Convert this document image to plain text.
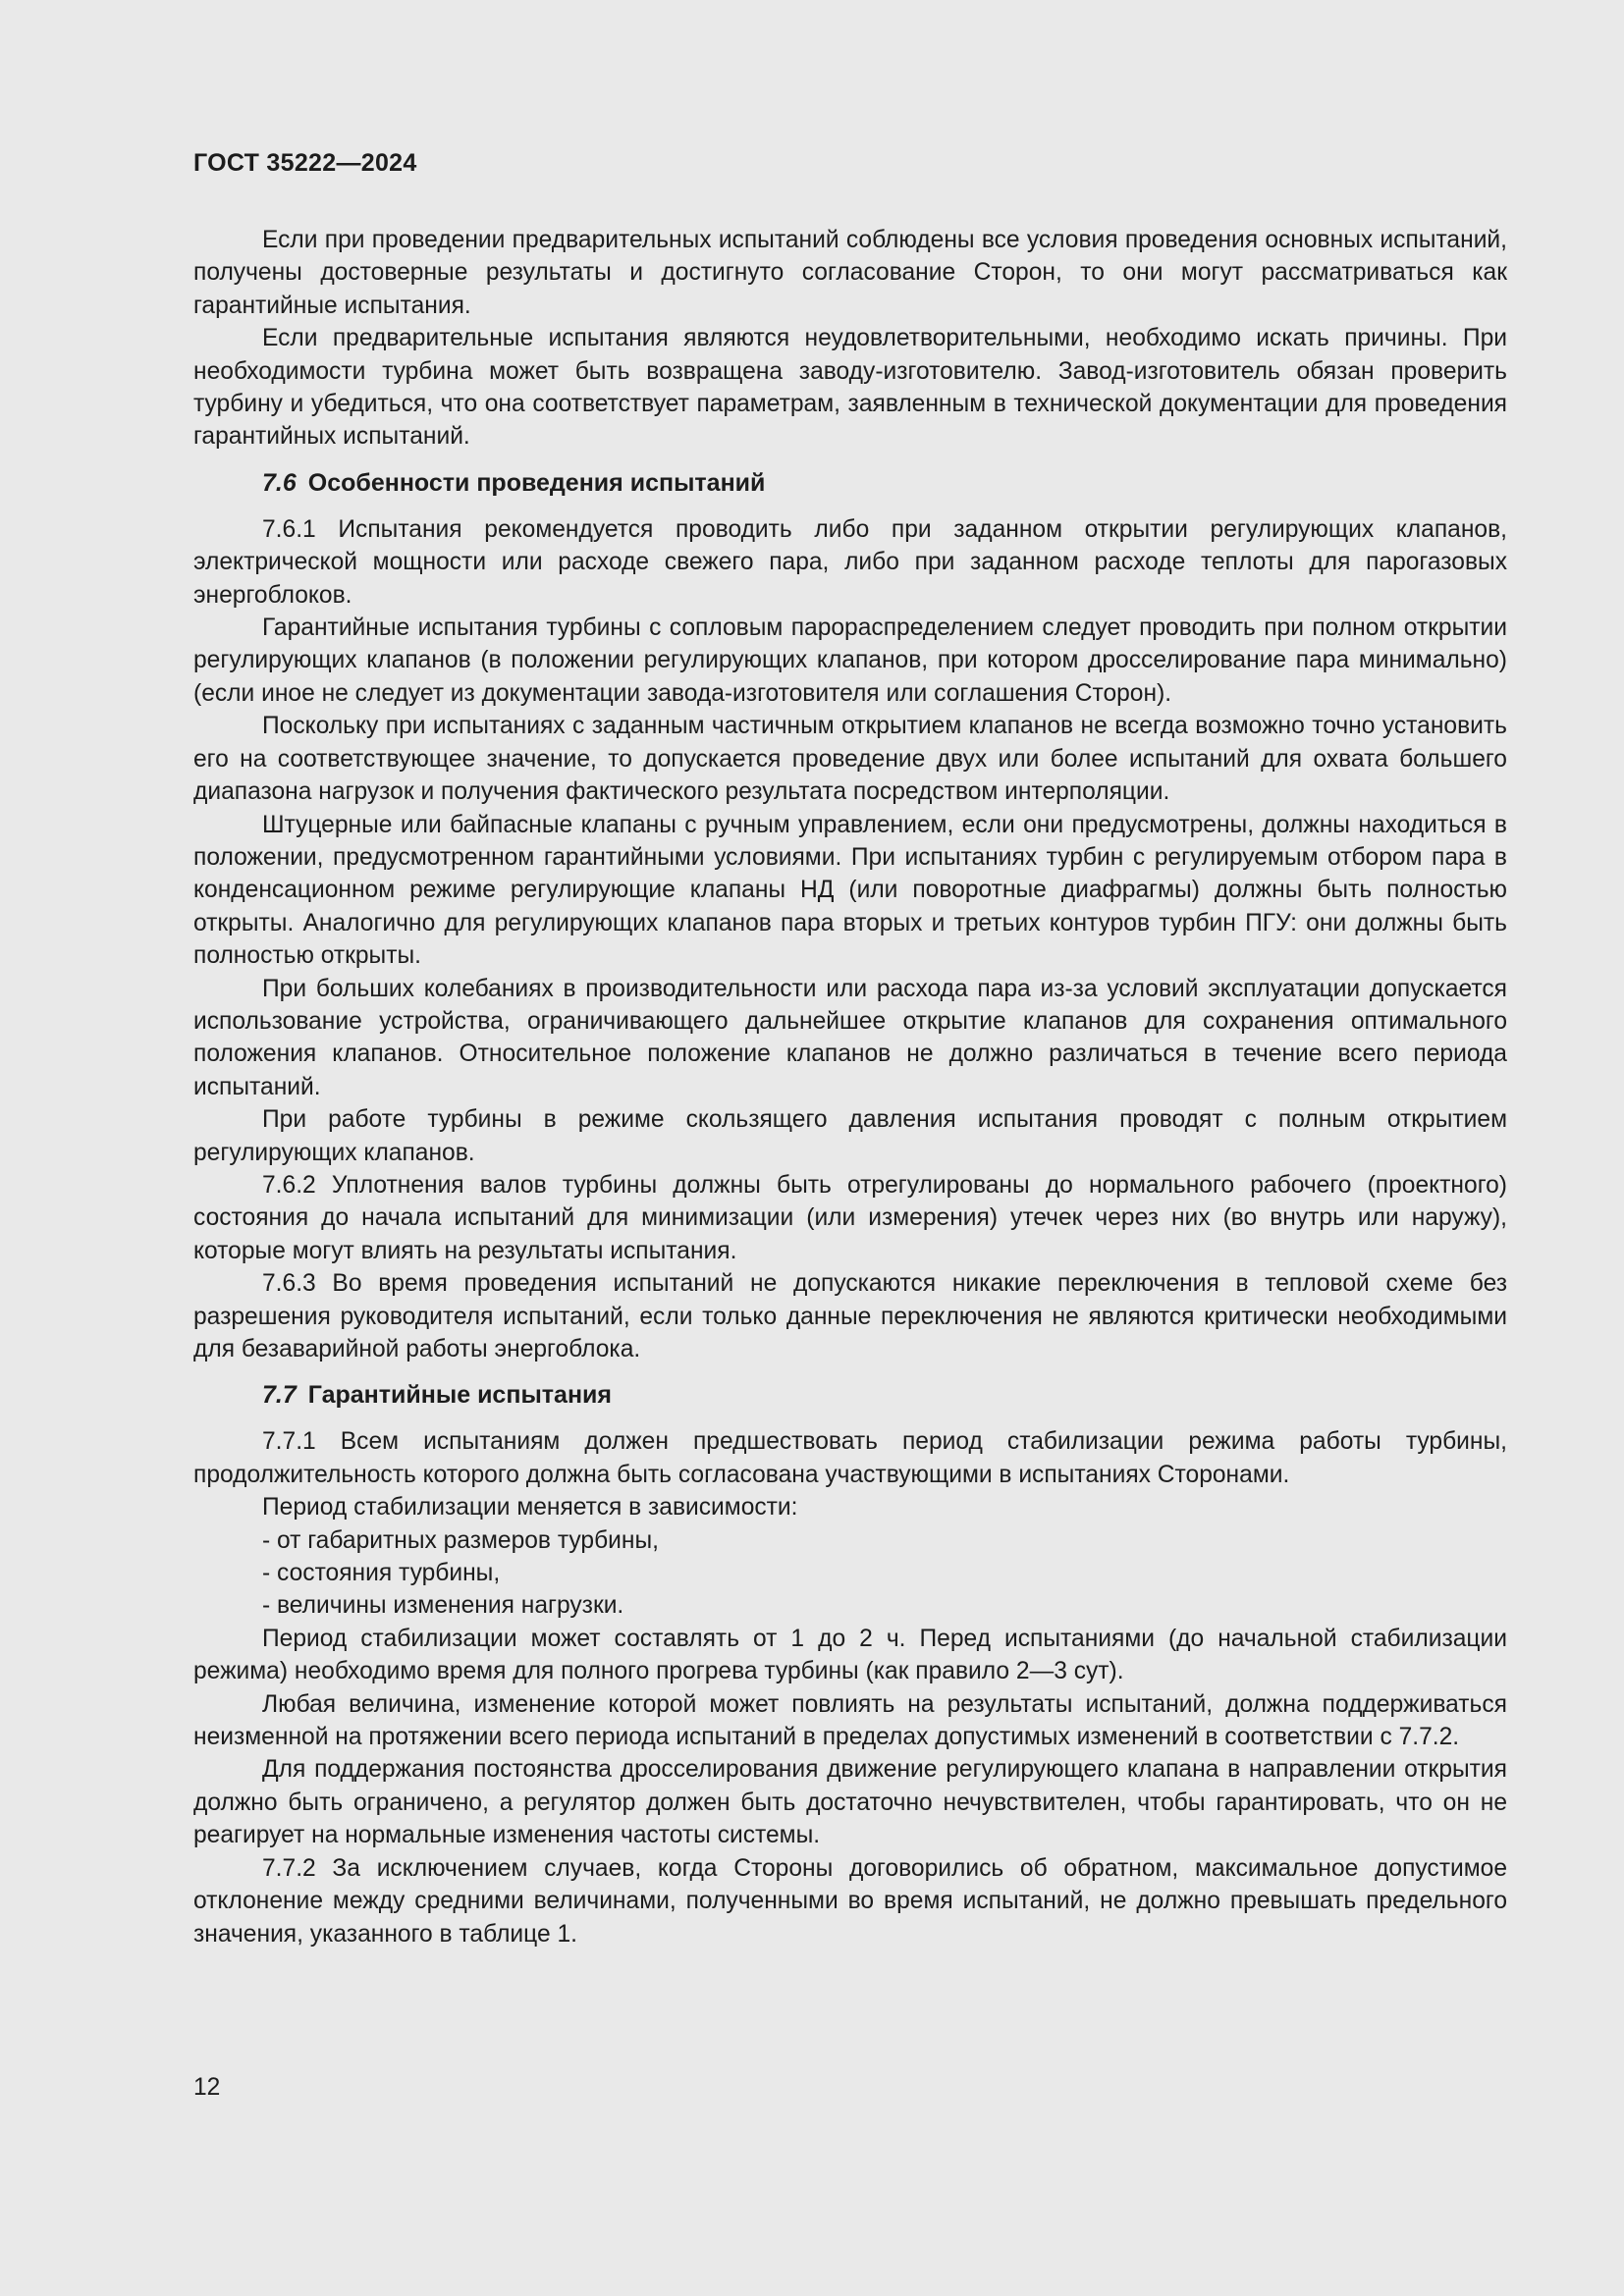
ГОСТ 35222—2024

Если при проведении предварительных испытаний соблюдены все условия проведения основных испытаний, получены достоверные результаты и достигнуто согласование Сторон, то они могут рассматриваться как гарантийные испытания.

Если предварительные испытания являются неудовлетворительными, необходимо искать причины. При необходимости турбина может быть возвращена заводу-изготовителю. Завод-изготовитель обязан проверить турбину и убедиться, что она соответствует параметрам, заявленным в технической документации для проведения гарантийных испытаний.

7.6 Особенности проведения испытаний

7.6.1 Испытания рекомендуется проводить либо при заданном открытии регулирующих клапанов, электрической мощности или расходе свежего пара, либо при заданном расходе теплоты для парогазовых энергоблоков.

Гарантийные испытания турбины с сопловым парораспределением следует проводить при полном открытии регулирующих клапанов (в положении регулирующих клапанов, при котором дросселирование пара минимально) (если иное не следует из документации завода-изготовителя или соглашения Сторон).

Поскольку при испытаниях с заданным частичным открытием клапанов не всегда возможно точно установить его на соответствующее значение, то допускается проведение двух или более испытаний для охвата большего диапазона нагрузок и получения фактического результата посредством интерполяции.

Штуцерные или байпасные клапаны с ручным управлением, если они предусмотрены, должны находиться в положении, предусмотренном гарантийными условиями. При испытаниях турбин с регулируемым отбором пара в конденсационном режиме регулирующие клапаны НД (или поворотные диафрагмы) должны быть полностью открыты. Аналогично для регулирующих клапанов пара вторых и третьих контуров турбин ПГУ: они должны быть полностью открыты.

При больших колебаниях в производительности или расхода пара из-за условий эксплуатации допускается использование устройства, ограничивающего дальнейшее открытие клапанов для сохранения оптимального положения клапанов. Относительное положение клапанов не должно различаться в течение всего периода испытаний.

При работе турбины в режиме скользящего давления испытания проводят с полным открытием регулирующих клапанов.

7.6.2 Уплотнения валов турбины должны быть отрегулированы до нормального рабочего (проектного) состояния до начала испытаний для минимизации (или измерения) утечек через них (во внутрь или наружу), которые могут влиять на результаты испытания.

7.6.3 Во время проведения испытаний не допускаются никакие переключения в тепловой схеме без разрешения руководителя испытаний, если только данные переключения не являются критически необходимыми для безаварийной работы энергоблока.

7.7 Гарантийные испытания

7.7.1 Всем испытаниям должен предшествовать период стабилизации режима работы турбины, продолжительность которого должна быть согласована участвующими в испытаниях Сторонами.

Период стабилизации меняется в зависимости:

- от габаритных размеров турбины,

- состояния турбины,

- величины изменения нагрузки.

Период стабилизации может составлять от 1 до 2 ч. Перед испытаниями (до начальной стабилизации режима) необходимо время для полного прогрева турбины (как правило 2—3 сут).

Любая величина, изменение которой может повлиять на результаты испытаний, должна поддерживаться неизменной на протяжении всего периода испытаний в пределах допустимых изменений в соответствии с 7.7.2.

Для поддержания постоянства дросселирования движение регулирующего клапана в направлении открытия должно быть ограничено, а регулятор должен быть достаточно нечувствителен, чтобы гарантировать, что он не реагирует на нормальные изменения частоты системы.

7.7.2 За исключением случаев, когда Стороны договорились об обратном, максимальное допустимое отклонение между средними величинами, полученными во время испытаний, не должно превышать предельного значения, указанного в таблице 1.

12
